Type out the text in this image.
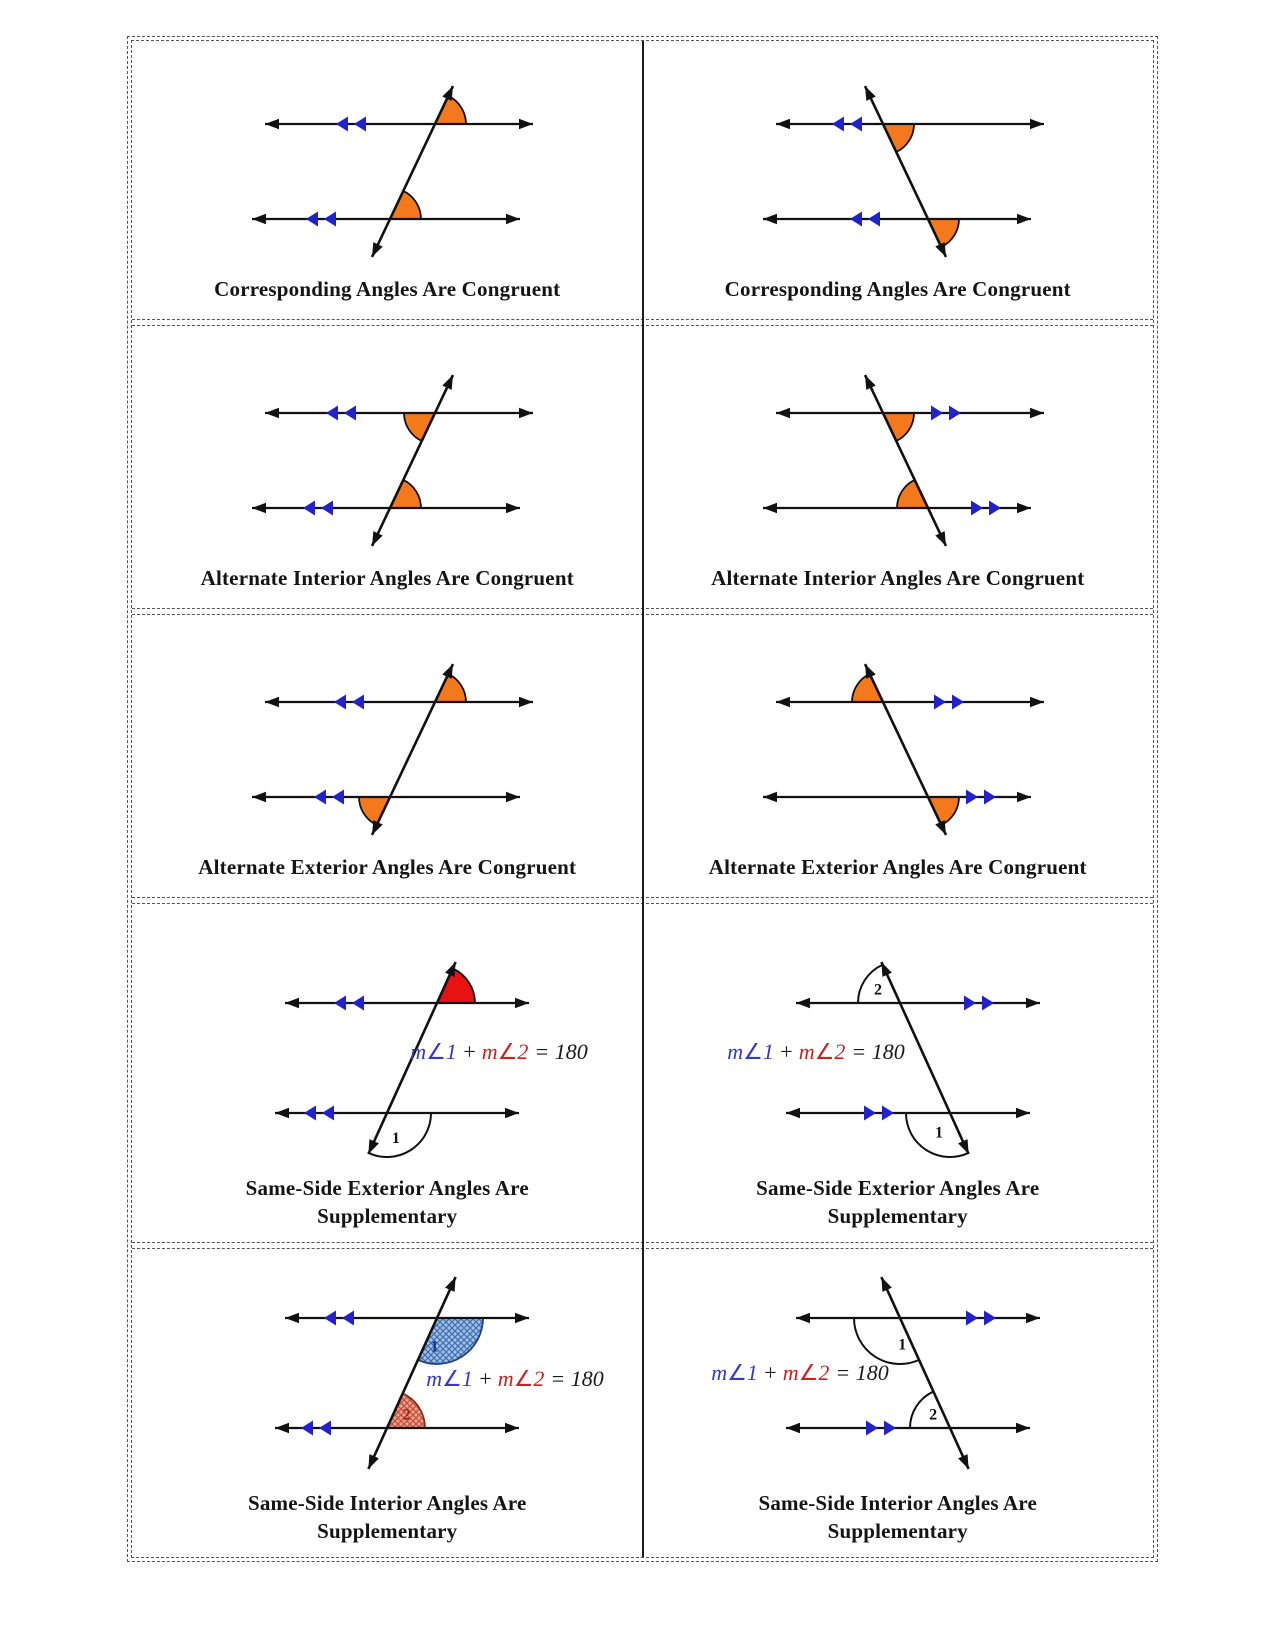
Corresponding Angles Are Congruent	Corresponding Angles Are Congruent
Alternate Interior Angles Are Congruent	Alternate Interior Angles Are Congruent
Alternate Exterior Angles Are Congruent	Alternate Exterior Angles Are Congruent
1
m∠1 + m∠2 = 180
Same-Side Exterior Angles Are
Supplementary
2
1
m∠1 + m∠2 = 180
Same-Side Exterior Angles Are
Supplementary
1
2
m∠1 + m∠2 = 180
Same-Side Interior Angles Are
Supplementary
1
2
m∠1 + m∠2 = 180
Same-Side Interior Angles Are
Supplementary
